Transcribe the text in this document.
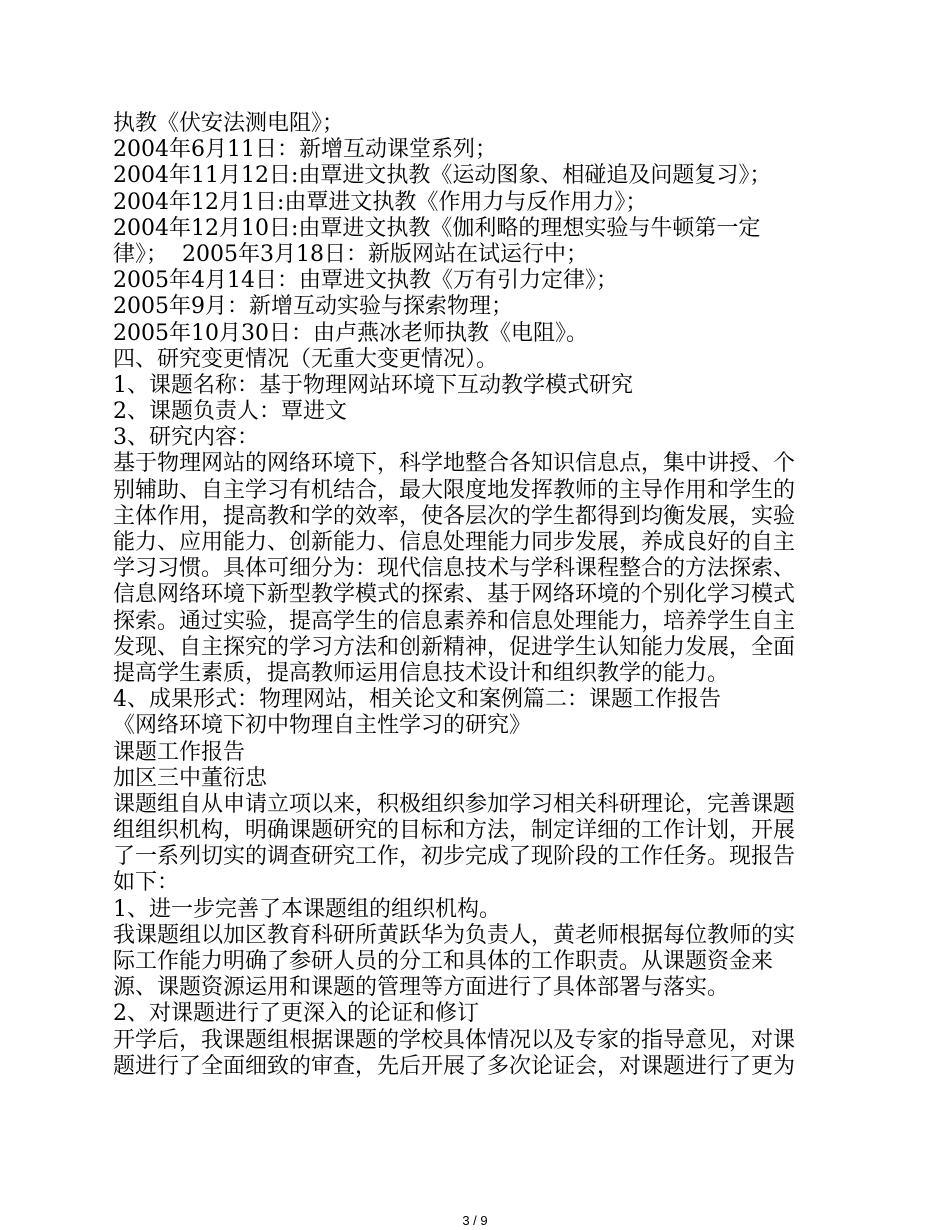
执教《伏安法测电阻》；
2004年6月11日：新增互动课堂系列；
2004年11月12日:由覃进文执教《运动图象、相碰追及问题复习》；
2004年12月1日:由覃进文执教《作用力与反作用力》；
2004年12月10日:由覃进文执教《伽利略的理想实验与牛顿第一定
律》；  2005年3月18日：新版网站在试运行中；
2005年4月14日：由覃进文执教《万有引力定律》；
2005年9月：新增互动实验与探索物理；
2005年10月30日：由卢燕冰老师执教《电阻》。
四、研究变更情况（无重大变更情况）。
1、课题名称：基于物理网站环境下互动教学模式研究
2、课题负责人：覃进文
3、研究内容：
基于物理网站的网络环境下，科学地整合各知识信息点，集中讲授、个
别辅助、自主学习有机结合，最大限度地发挥教师的主导作用和学生的
主体作用，提高教和学的效率，使各层次的学生都得到均衡发展，实验
能力、应用能力、创新能力、信息处理能力同步发展，养成良好的自主
学习习惯。具体可细分为：现代信息技术与学科课程整合的方法探索、
信息网络环境下新型教学模式的探索、基于网络环境的个别化学习模式
探索。通过实验，提高学生的信息素养和信息处理能力，培养学生自主
发现、自主探究的学习方法和创新精神，促进学生认知能力发展，全面
提高学生素质，提高教师运用信息技术设计和组织教学的能力。
4、成果形式：物理网站，相关论文和案例篇二：课题工作报告
《网络环境下初中物理自主性学习的研究》
课题工作报告
加区三中董衍忠
课题组自从申请立项以来，积极组织参加学习相关科研理论，完善课题
组组织机构，明确课题研究的目标和方法，制定详细的工作计划，开展
了一系列切实的调查研究工作，初步完成了现阶段的工作任务。现报告
如下：
1、进一步完善了本课题组的组织机构。
我课题组以加区教育科研所黄跃华为负责人，黄老师根据每位教师的实
际工作能力明确了参研人员的分工和具体的工作职责。从课题资金来
源、课题资源运用和课题的管理等方面进行了具体部署与落实。
2、对课题进行了更深入的论证和修订
开学后，我课题组根据课题的学校具体情况以及专家的指导意见，对课
题进行了全面细致的审查，先后开展了多次论证会，对课题进行了更为
3 / 9
